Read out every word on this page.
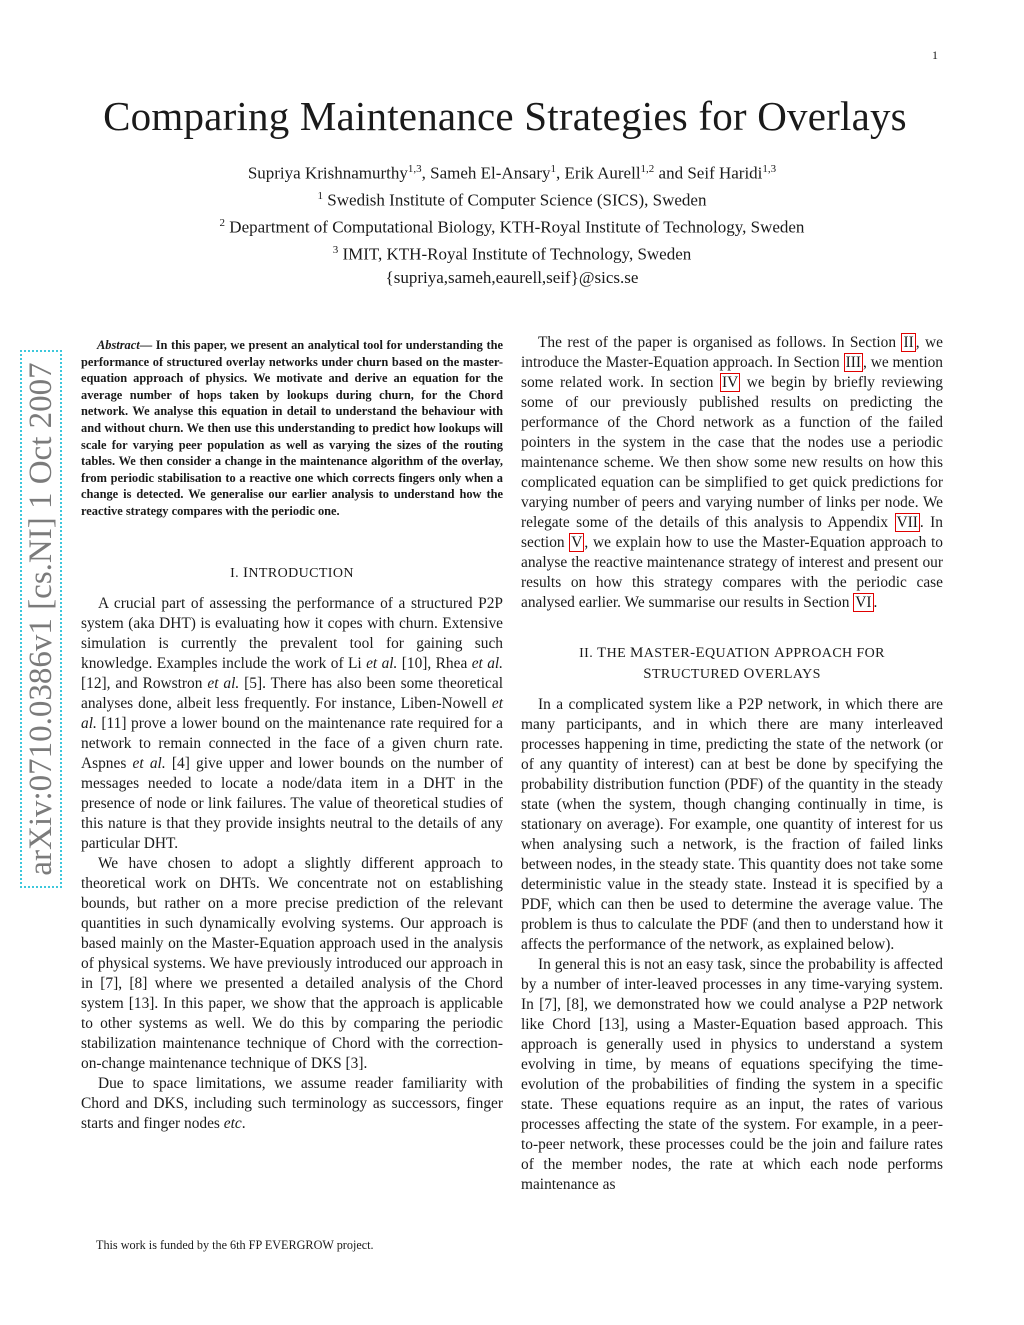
1
Comparing Maintenance Strategies for Overlays
Supriya Krishnamurthy$^{1,3}$, Sameh El-Ansary$^1$, Erik Aurell$^{1,2}$ and Seif Haridi$^{1,3}$
$^1$ Swedish Institute of Computer Science (SICS), Sweden
$^2$ Department of Computational Biology, KTH-Royal Institute of Technology, Sweden
$^3$ IMIT, KTH-Royal Institute of Technology, Sweden
{supriya,sameh,eaurell,seif}@sics.se
arXiv:0710.0386v1 [cs.NI] 1 Oct 2007

Abstract— In this paper, we present an analytical tool for understanding the performance of structured overlay networks under churn based on the master-equation approach of physics. We motivate and derive an equation for the average number of hops taken by lookups during churn, for the Chord network. We analyse this equation in detail to understand the behaviour with and without churn. We then use this understanding to predict how lookups will scale for varying peer population as well as varying the sizes of the routing tables. We then consider a change in the maintenance algorithm of the overlay, from periodic stabilisation to a reactive one which corrects fingers only when a change is detected. We generalise our earlier analysis to understand how the reactive strategy compares with the periodic one.

I. INTRODUCTION

A crucial part of assessing the performance of a structured P2P system (aka DHT) is evaluating how it copes with churn. Extensive simulation is currently the prevalent tool for gaining such knowledge. Examples include the work of Li et al. [10], Rhea et al. [12], and Rowstron et al. [5]. There has also been some theoretical analyses done, albeit less frequently. For instance, Liben-Nowell et al. [11] prove a lower bound on the maintenance rate required for a network to remain connected in the face of a given churn rate. Aspnes et al. [4] give upper and lower bounds on the number of messages needed to locate a node/data item in a DHT in the presence of node or link failures. The value of theoretical studies of this nature is that they provide insights neutral to the details of any particular DHT.

We have chosen to adopt a slightly different approach to theoretical work on DHTs. We concentrate not on establishing bounds, but rather on a more precise prediction of the relevant quantities in such dynamically evolving systems. Our approach is based mainly on the Master-Equation approach used in the analysis of physical systems. We have previously introduced our approach in in [7], [8] where we presented a detailed analysis of the Chord system [13]. In this paper, we show that the approach is applicable to other systems as well. We do this by comparing the periodic stabilization maintenance technique of Chord with the correction-on-change maintenance technique of DKS [3].

Due to space limitations, we assume reader familiarity with Chord and DKS, including such terminology as successors, finger starts and finger nodes etc.

The rest of the paper is organised as follows. In Section II , we introduce the Master-Equation approach. In Section III , we mention some related work. In section IV we begin by briefly reviewing some of our previously published results on predicting the performance of the Chord network as a function of the failed pointers in the system in the case that the nodes use a periodic maintenance scheme. We then show some new results on how this complicated equation can be simplified to get quick predictions for varying number of peers and varying number of links per node. We relegate some of the details of this analysis to Appendix VII . In section V , we explain how to use the Master-Equation approach to analyse the reactive maintenance strategy of interest and present our results on how this strategy compares with the periodic case analysed earlier. We summarise our results in Section VI .

II. THE MASTER-EQUATION APPROACH FOR
STRUCTURED OVERLAYS

In a complicated system like a P2P network, in which there are many participants, and in which there are many interleaved processes happening in time, predicting the state of the network (or of any quantity of interest) can at best be done by specifying the probability distribution function (PDF) of the quantity in the steady state (when the system, though changing continually in time, is stationary on average). For example, one quantity of interest for us when analysing such a network, is the fraction of failed links between nodes, in the steady state. This quantity does not take some deterministic value in the steady state. Instead it is specified by a PDF, which can then be used to determine the average value. The problem is thus to calculate the PDF (and then to understand how it affects the performance of the network, as explained below).

In general this is not an easy task, since the probability is affected by a number of inter-leaved processes in any time-varying system. In [7], [8], we demonstrated how we could analyse a P2P network like Chord [13], using a Master-Equation based approach. This approach is generally used in physics to understand a system evolving in time, by means of equations specifying the time-evolution of the probabilities of finding the system in a specific state. These equations require as an input, the rates of various processes affecting the state of the system. For example, in a peer-to-peer network, these processes could be the join and failure rates of the member nodes, the rate at which each node performs maintenance as

This work is funded by the 6th FP EVERGROW project.
